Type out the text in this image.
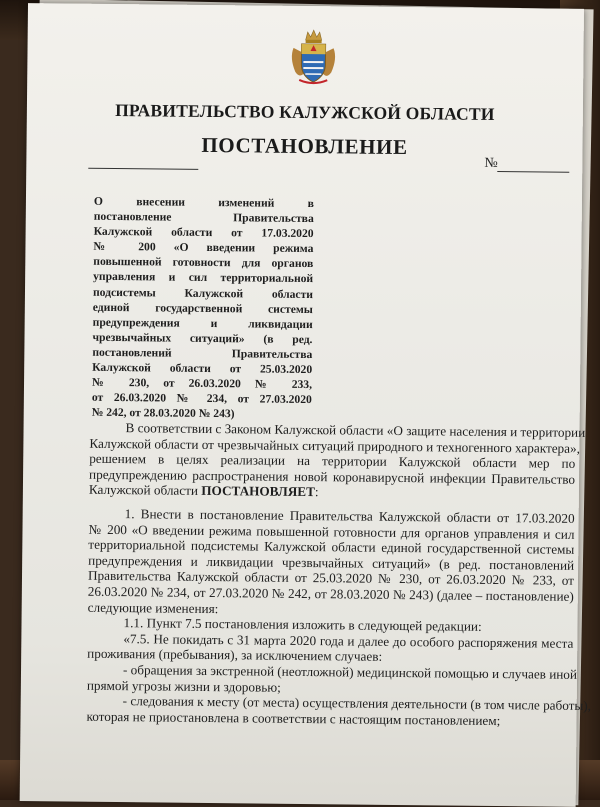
ПРАВИТЕЛЬСТВО КАЛУЖСКОЙ ОБЛАСТИ
ПОСТАНОВЛЕНИЕ
№
О внесении изменений в
постановление Правительства
Калужской области от 17.03.2020
№ 200 «О введении режима
повышенной готовности для органов
управления и сил территориальной
подсистемы Калужской области
единой государственной системы
предупреждения и ликвидации
чрезвычайных ситуаций» (в ред.
постановлений Правительства
Калужской области от 25.03.2020
№ 230, от 26.03.2020 № 233,
от 26.03.2020 № 234, от 27.03.2020
№ 242, от 28.03.2020 № 243)
В соответствии с Законом Калужской области «О защите населения и территории
Калужской области от чрезвычайных ситуаций природного и техногенного характера»,
решением в целях реализации на территории Калужской области мер по
предупреждению распространения новой коронавирусной инфекции Правительство
Калужской области ПОСТАНОВЛЯЕТ:
1. Внести в постановление Правительства Калужской области от 17.03.2020
№ 200 «О введении режима повышенной готовности для органов управления и сил
территориальной подсистемы Калужской области единой государственной системы
предупреждения и ликвидации чрезвычайных ситуаций» (в ред. постановлений
Правительства Калужской области от 25.03.2020 № 230, от 26.03.2020 № 233, от
26.03.2020 № 234, от 27.03.2020 № 242, от 28.03.2020 № 243) (далее – постановление)
следующие изменения:
1.1. Пункт 7.5 постановления изложить в следующей редакции:
«7.5. Не покидать с 31 марта 2020 года и далее до особого распоряжения места
проживания (пребывания), за исключением случаев:
- обращения за экстренной (неотложной) медицинской помощью и случаев иной
прямой угрозы жизни и здоровью;
- следования к месту (от места) осуществления деятельности (в том числе работы),
которая не приостановлена в соответствии с настоящим постановлением;
